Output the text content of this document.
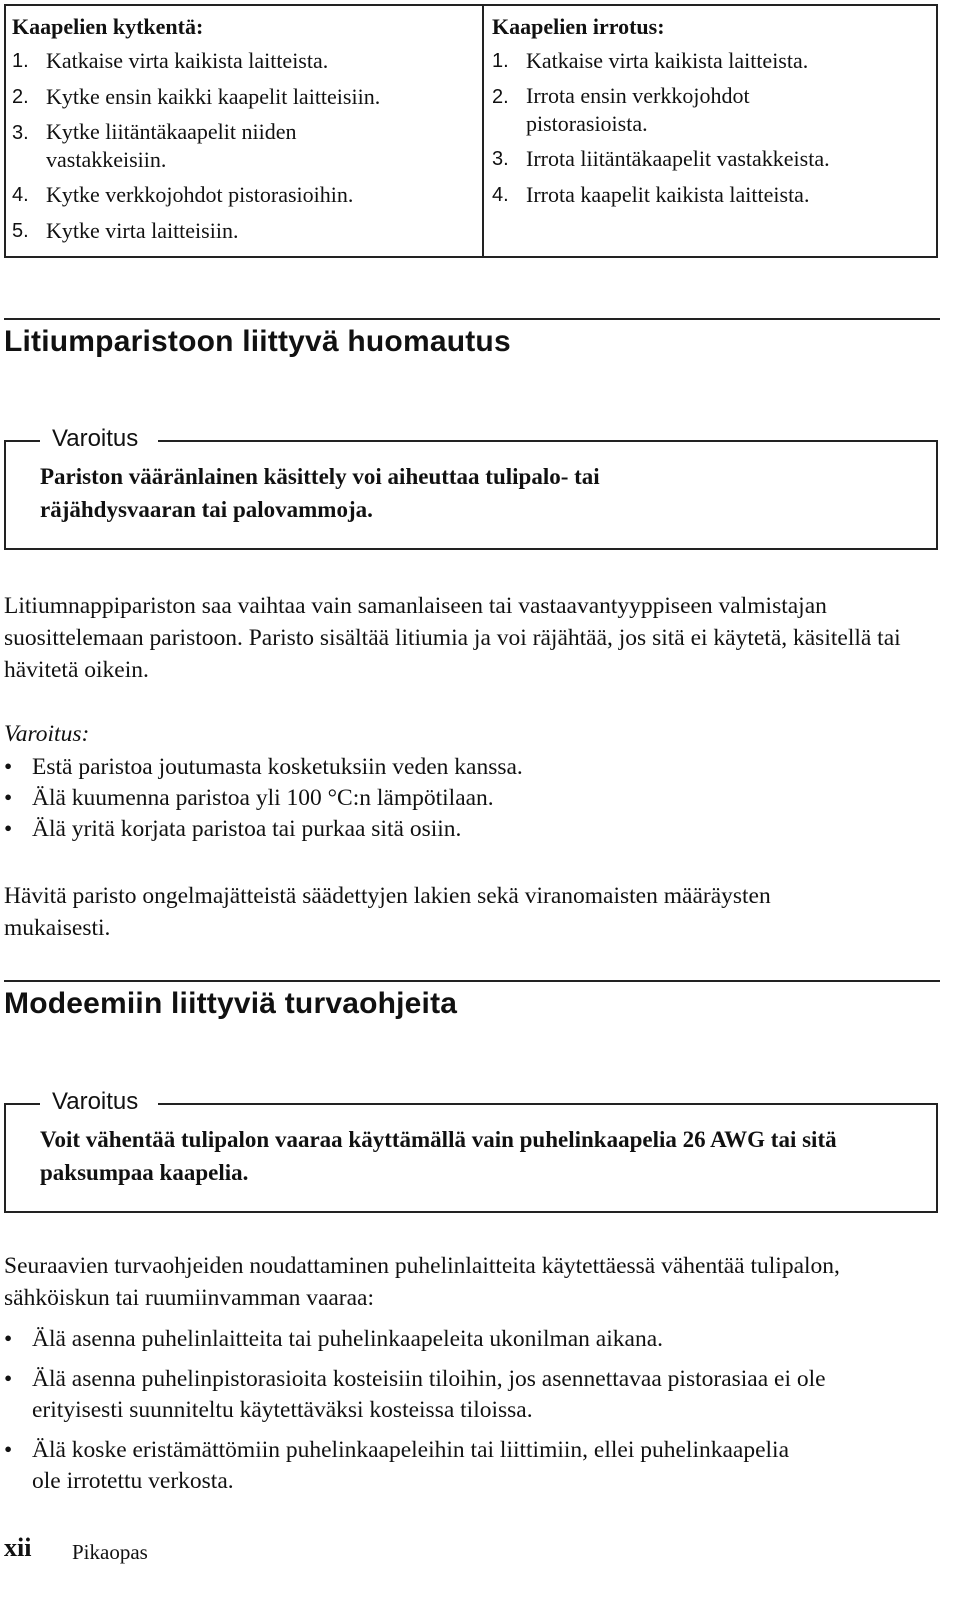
Kaapelien kytkentä:
1. Katkaise virta kaikista laitteista.
2. Kytke ensin kaikki kaapelit laitteisiin.
3. Kytke liitäntäkaapelit niiden vastakkeisiin.
4. Kytke verkkojohdot pistorasioihin.
5. Kytke virta laitteisiin.
Kaapelien irrotus:
1. Katkaise virta kaikista laitteista.
2. Irrota ensin verkkojohdot pistorasioista.
3. Irrota liitäntäkaapelit vastakkeista.
4. Irrota kaapelit kaikista laitteista.
Litiumparistoon liittyvä huomautus
Varoitus
Pariston vääränlainen käsittely voi aiheuttaa tulipalo- tai räjähdysvaaran tai palovammoja.
Litiumnappipariston saa vaihtaa vain samanlaiseen tai vastaavantyyppiseen valmistajan suosittelemaan paristoon. Paristo sisältää litiumia ja voi räjähtää, jos sitä ei käytetä, käsitellä tai hävitetä oikein.
Varoitus:
• Estä paristoa joutumasta kosketuksiin veden kanssa.
• Älä kuumenna paristoa yli 100 °C:n lämpötilaan.
• Älä yritä korjata paristoa tai purkaa sitä osiin.
Hävitä paristo ongelmajätteistä säädettyjen lakien sekä viranomaisten määräysten mukaisesti.
Modeemiin liittyviä turvaohjeita
Varoitus
Voit vähentää tulipalon vaaraa käyttämällä vain puhelinkaapelia 26 AWG tai sitä paksumpaa kaapelia.
Seuraavien turvaohjeiden noudattaminen puhelinlaitteita käytettäessä vähentää tulipalon, sähköiskun tai ruumiinvamman vaaraa:
• Älä asenna puhelinlaitteita tai puhelinkaapeleita ukonilman aikana.
• Älä asenna puhelinpistorasioita kosteisiin tiloihin, jos asennettavaa pistorasiaa ei ole erityisesti suunniteltu käytettäväksi kosteissa tiloissa.
• Älä koske eristämättömiin puhelinkaapeleihin tai liittimiin, ellei puhelinkaapelia ole irrotettu verkosta.
xii Pikaopas
